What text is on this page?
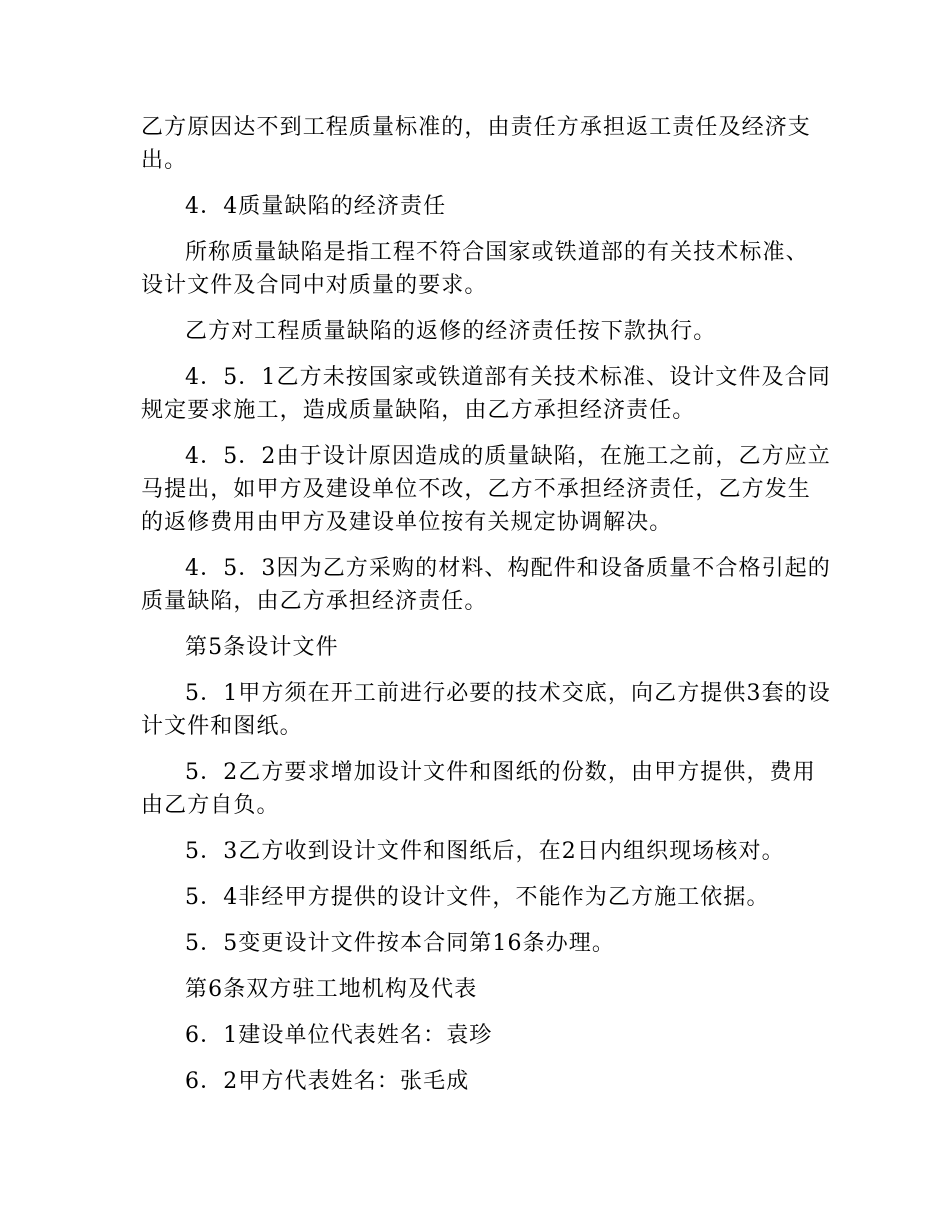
乙方原因达不到工程质量标准的，由责任方承担返工责任及经济支出。

4．4质量缺陷的经济责任

所称质量缺陷是指工程不符合国家或铁道部的有关技术标准、设计文件及合同中对质量的要求。

乙方对工程质量缺陷的返修的经济责任按下款执行。

4．5．1乙方未按国家或铁道部有关技术标准、设计文件及合同规定要求施工，造成质量缺陷，由乙方承担经济责任。

4．5．2由于设计原因造成的质量缺陷，在施工之前，乙方应立马提出，如甲方及建设单位不改，乙方不承担经济责任，乙方发生的返修费用由甲方及建设单位按有关规定协调解决。

4．5．3因为乙方采购的材料、构配件和设备质量不合格引起的质量缺陷，由乙方承担经济责任。

第5条设计文件

5．1甲方须在开工前进行必要的技术交底，向乙方提供3套的设计文件和图纸。

5．2乙方要求增加设计文件和图纸的份数，由甲方提供，费用由乙方自负。

5．3乙方收到设计文件和图纸后，在2日内组织现场核对。

5．4非经甲方提供的设计文件，不能作为乙方施工依据。

5．5变更设计文件按本合同第16条办理。

第6条双方驻工地机构及代表

6．1建设单位代表姓名：袁珍

6．2甲方代表姓名：张毛成
